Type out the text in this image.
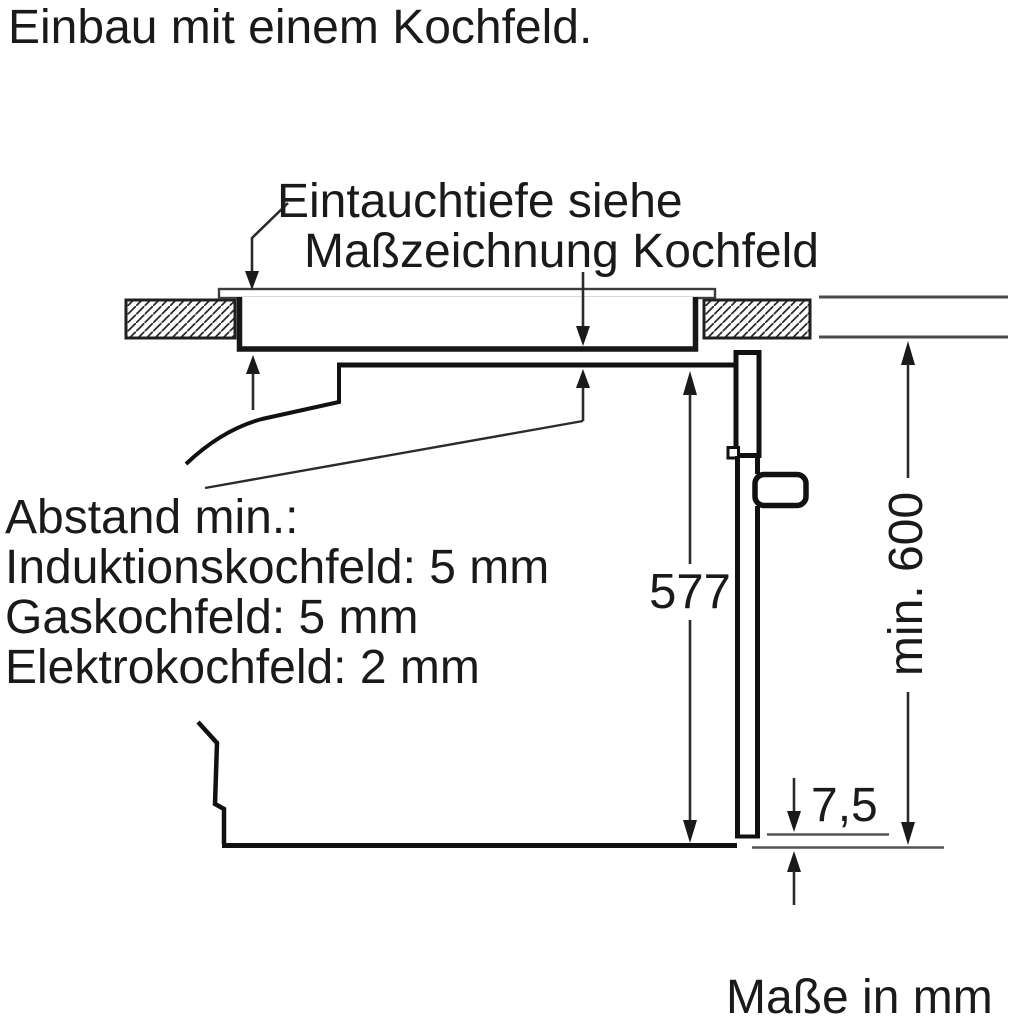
Einbau mit einem Kochfeld.
Eintauchtiefe siehe
Maßzeichnung Kochfeld
Abstand min.:
Induktionskochfeld: 5 mm
Gaskochfeld: 5 mm
Elektrokochfeld: 2 mm
577	min. 600
7,5
Maße in mm
